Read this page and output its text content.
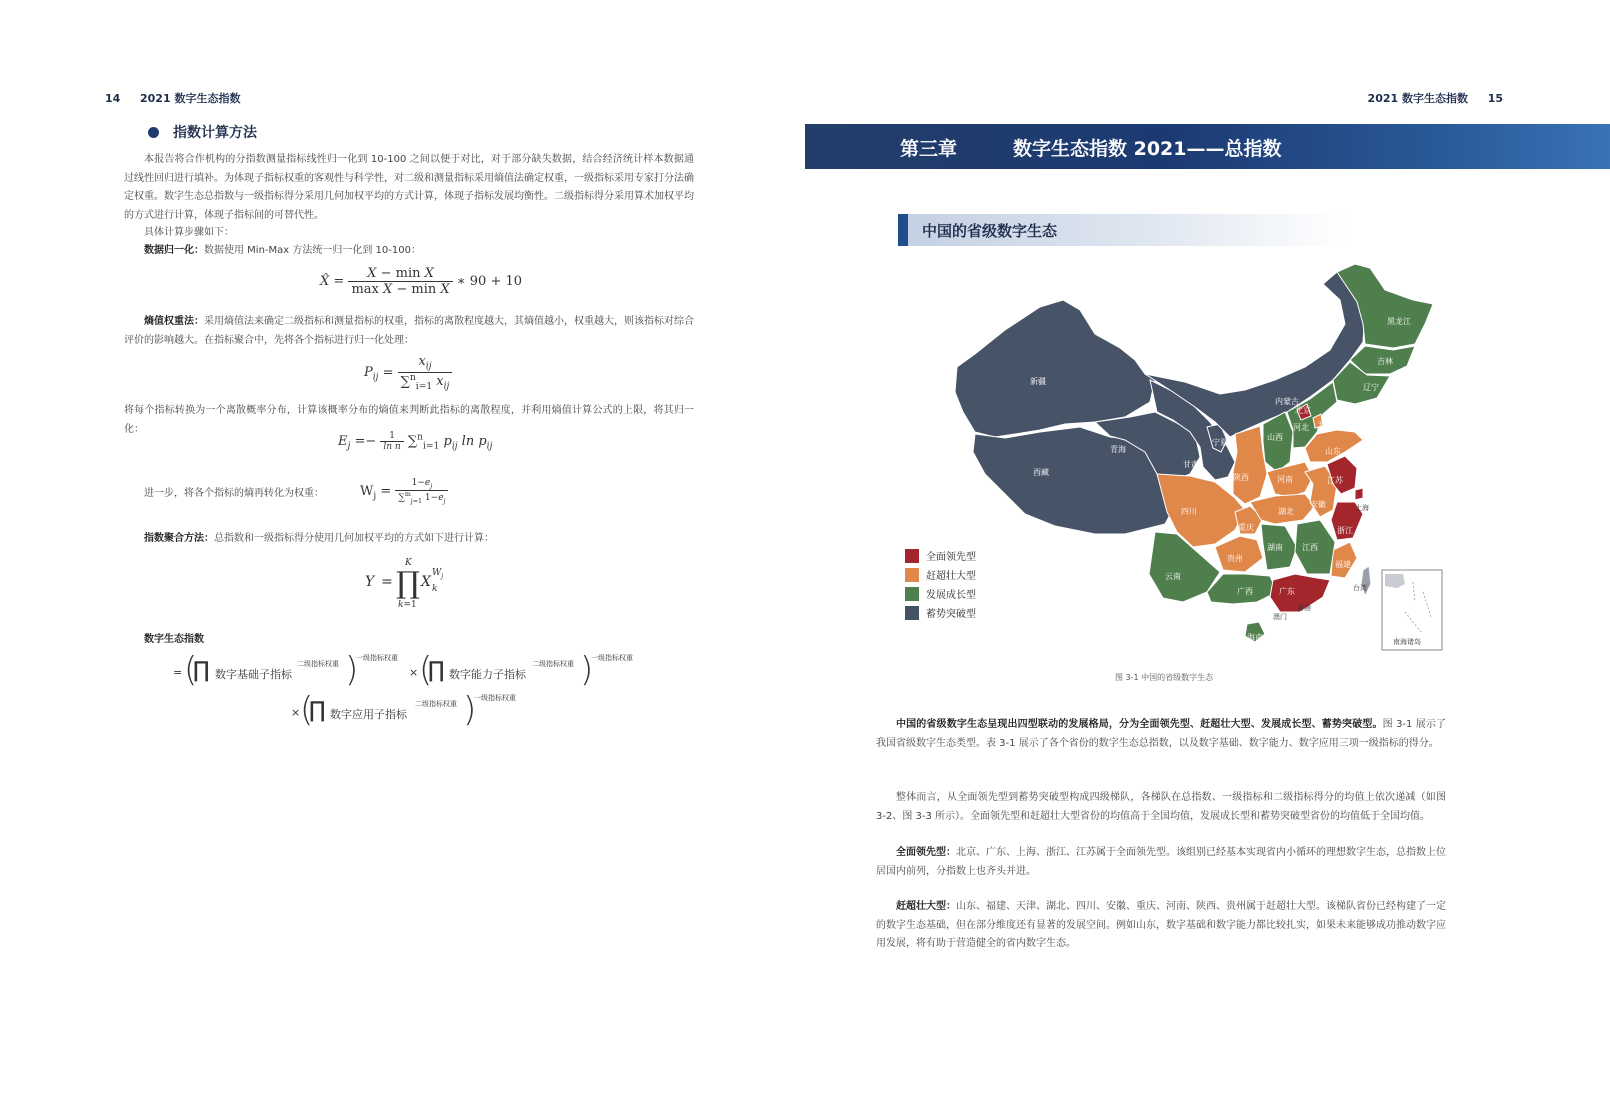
14 2021 数字生态指数
指数计算方法
本报告将合作机构的分指数测量指标线性归一化到 10-100 之间以便于对比，对于部分缺失数据，结合经济统计样本数据通过线性回归进行填补。为体现子指标权重的客观性与科学性，对二级和测量指标采用熵值法确定权重，一级指标采用专家打分法确定权重。数字生态总指数与一级指标得分采用几何加权平均的方式计算，体现子指标发展均衡性。二级指标得分采用算术加权平均的方式进行计算，体现子指标间的可替代性。
具体计算步骤如下：
数据归一化：数据使用 Min-Max 方法统一归一化到 10-100：
X̂ = $\frac{\text{X − min X}}{\text{max X − min X}}$ ∗ 90 + 10
熵值权重法：采用熵值法来确定二级指标和测量指标的权重，指标的离散程度越大，其熵值越小，权重越大，则该指标对综合评价的影响越大。在指标聚合中，先将各个指标进行归一化处理：
$P_{ij} = \frac{x_{ij}}{\sum^n_{i=1} x_{ij}}$
将每个指标转换为一个离散概率分布，计算该概率分布的熵值来判断此指标的离散程度，并利用熵值计算公式的上限，将其归一化：
$E_j =- \frac{1}{\text{ln n}} \sum^n_{i=1}$ $p_{ij}$ $\ln p_{ij}$
进一步，将各个指标的熵再转化为权重：	$W_j = \frac{1-e_j}{\sum^m_{j=1} 1-e_j}$
指数聚合方法：总指数和一级指标得分使用几何加权平均的方式如下进行计算：
Y =
K
∏
k=1
X k
$W_j$
数字生态指数
= (
∏ 数字基础子指标
二级指标权重 )
一级指标权重
× (
∏ 数字能力子指标
二级指标权重 )
一级指标权重
× (
∏ 数字应用子指标
二级指标权重 )
一级指标权重
2021 数字生态指数 15
第三章	数字生态指数 2021——总指数
中国的省级数字生态
黑龙江
吉林
辽宁
内蒙古
新疆
西藏
青海
甘肃
宁夏
山西
河北
北京
天津
山东
陕西	河南	江苏
上海
安徽
湖北
四川
重庆	浙江
贵州
湖南 江西
福建
云南
广西	广东
香港
澳门
海南
台湾
南海诸岛
全面领先型
赶超壮大型
发展成长型
蓄势突破型
图 3-1 中国的省级数字生态
中国的省级数字生态呈现出四型联动的发展格局，分为全面领先型、赶超壮大型、发展成长型、蓄势突破型。图 3-1 展示了我国省级数字生态类型。表 3-1 展示了各个省份的数字生态总指数，以及数字基础、数字能力、数字应用三项一级指标的得分。
整体而言，从全面领先型到蓄势突破型构成四级梯队，各梯队在总指数、一级指标和二级指标得分的均值上依次递减（如图 3-2、图 3-3 所示）。全面领先型和赶超壮大型省份的均值高于全国均值，发展成长型和蓄势突破型省份的均值低于全国均值。
全面领先型：北京、广东、上海、浙江、江苏属于全面领先型。该组别已经基本实现省内小循环的理想数字生态，总指数上位居国内前列，分指数上也齐头并进。
赶超壮大型：山东、福建、天津、湖北、四川、安徽、重庆、河南、陕西、贵州属于赶超壮大型。该梯队省份已经构建了一定的数字生态基础，但在部分维度还有显著的发展空间。例如山东，数字基础和数字能力都比较扎实，如果未来能够成功推动数字应用发展，将有助于营造健全的省内数字生态。
